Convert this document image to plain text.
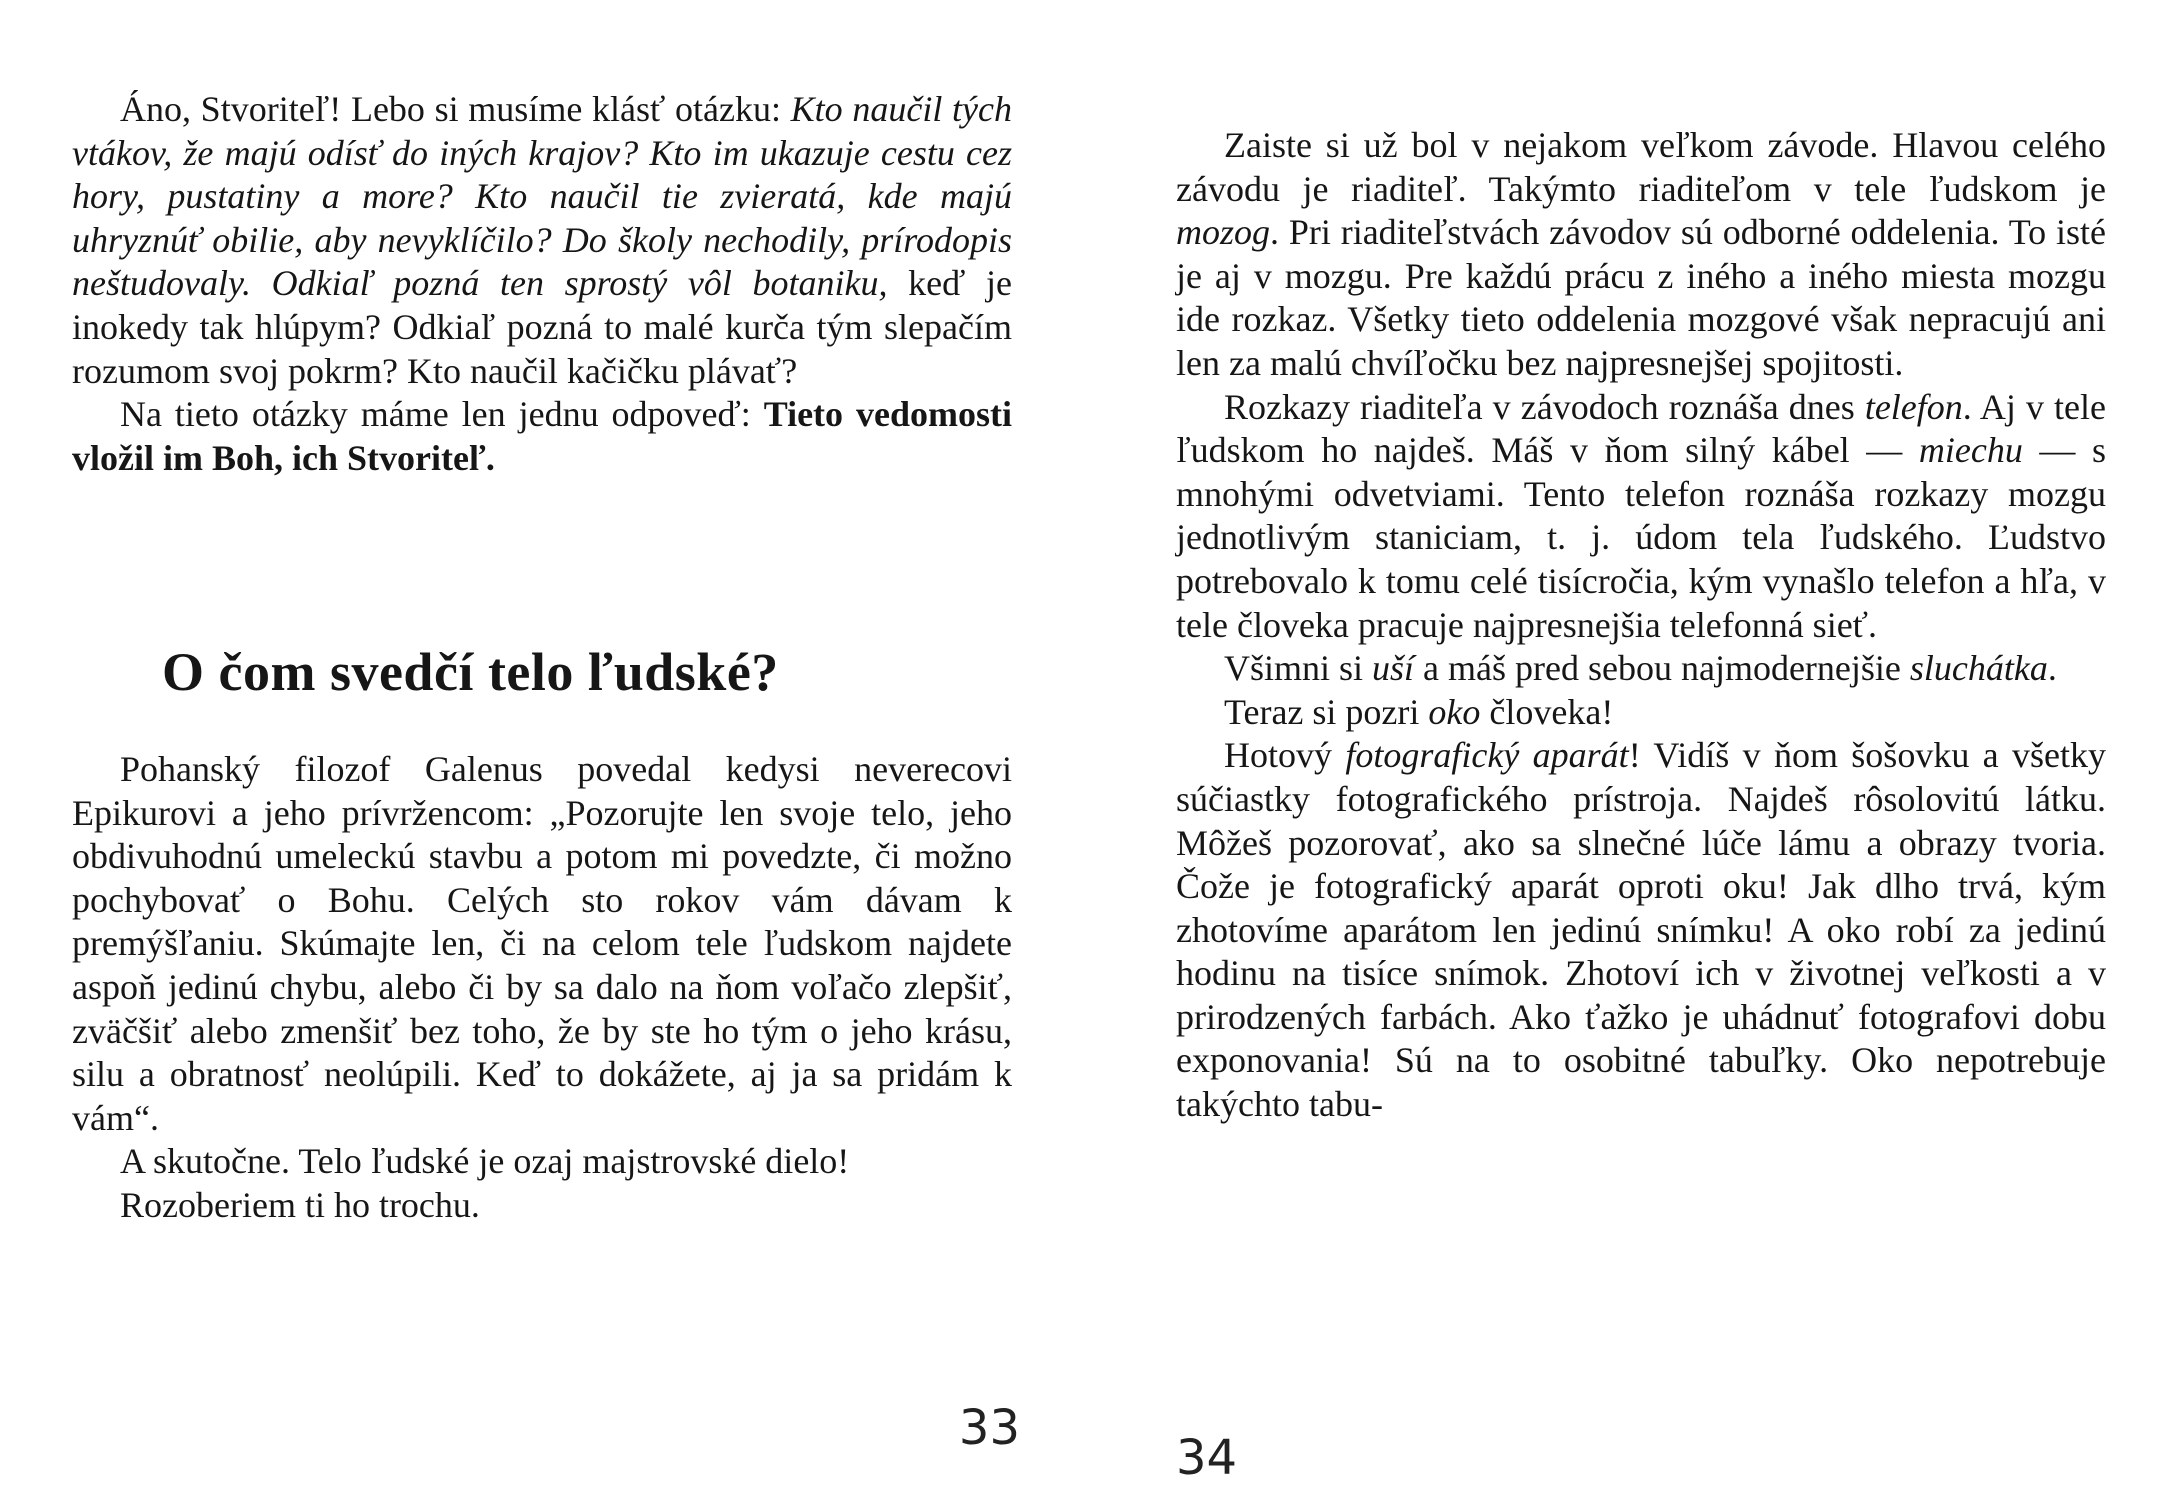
Áno, Stvoriteľ! Lebo si musíme klásť otázku: Kto naučil tých vtákov, že majú odísť do iných krajov? Kto im ukazuje cestu cez hory, pustatiny a more? Kto naučil tie zvieratá, kde majú uhryznúť obilie, aby nevyklíčilo? Do školy nechodily, prírodopis neštudovaly. Odkiaľ pozná ten sprostý vôl botaniku, keď je inokedy tak hlúpym? Odkiaľ pozná to malé kurča tým slepačím rozumom svoj pokrm? Kto naučil kačičku plávať?

Na tieto otázky máme len jednu odpoveď: Tieto vedomosti vložil im Boh, ich Stvoriteľ.

O čom svedčí telo ľudské?

Pohanský filozof Galenus povedal kedysi neverecovi Epikurovi a jeho prívržencom: „Pozorujte len svoje telo, jeho obdivuhodnú umeleckú stavbu a potom mi povedzte, či možno pochybovať o Bohu. Celých sto rokov vám dávam k premýšľaniu. Skúmajte len, či na celom tele ľudskom najdete aspoň jedinú chybu, alebo či by sa dalo na ňom voľačo zlepšiť, zväčšiť alebo zmenšiť bez toho, že by ste ho tým o jeho krásu, silu a obratnosť neolúpili. Keď to dokážete, aj ja sa pridám k vám“.

A skutočne. Telo ľudské je ozaj majstrovské dielo!

Rozoberiem ti ho trochu.

33

Zaiste si už bol v nejakom veľkom závode. Hlavou celého závodu je riaditeľ. Takýmto riaditeľom v tele ľudskom je mozog. Pri riaditeľstvách závodov sú odborné oddelenia. To isté je aj v mozgu. Pre každú prácu z iného a iného miesta mozgu ide rozkaz. Všetky tieto oddelenia mozgové však nepracujú ani len za malú chvíľočku bez najpresnejšej spojitosti.

Rozkazy riaditeľa v závodoch roznáša dnes telefon. Aj v tele ľudskom ho najdeš. Máš v ňom silný kábel — miechu — s mnohými odvetviami. Tento telefon roznáša rozkazy mozgu jednotlivým staniciam, t. j. údom tela ľudského. Ľudstvo potrebovalo k tomu celé tisícročia, kým vynašlo telefon a hľa, v tele človeka pracuje najpresnejšia telefonná sieť.

Všimni si uší a máš pred sebou najmodernejšie sluchátka.

Teraz si pozri oko človeka!

Hotový fotografický aparát! Vidíš v ňom šošovku a všetky súčiastky fotografického prístroja. Najdeš rôsolovitú látku. Môžeš pozorovať, ako sa slnečné lúče lámu a obrazy tvoria. Čože je fotografický aparát oproti oku! Jak dlho trvá, kým zhotovíme aparátom len jedinú snímku! A oko robí za jedinú hodinu na tisíce snímok. Zhotoví ich v životnej veľkosti a v prirodzených farbách. Ako ťažko je uhádnuť fotografovi dobu exponovania! Sú na to osobitné tabuľky. Oko nepotrebuje takýchto tabu-

34
